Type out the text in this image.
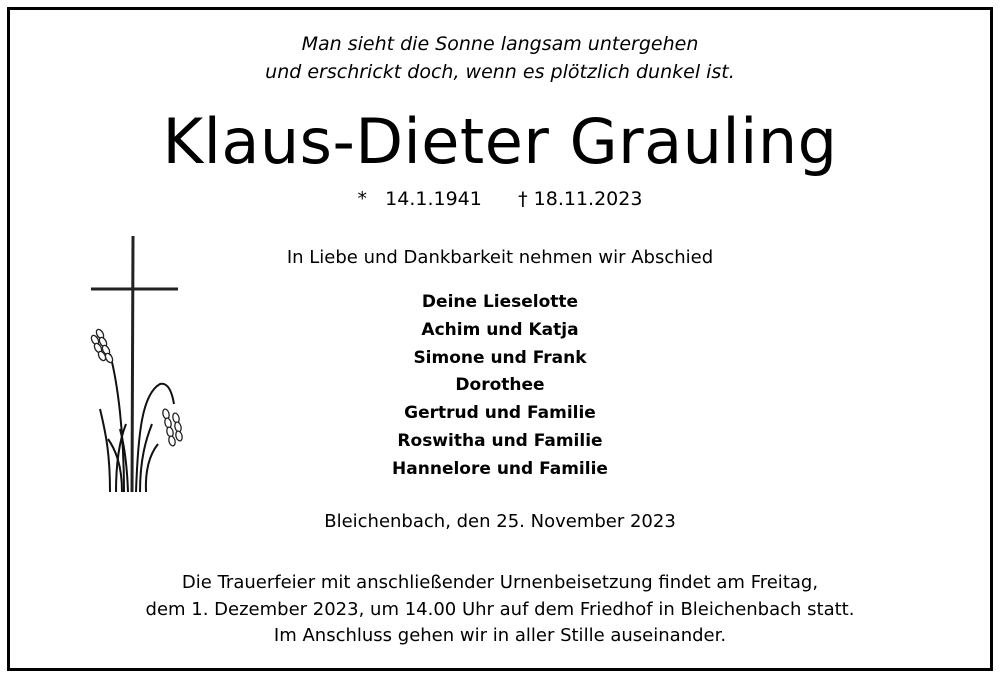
Man sieht die Sonne langsam untergehen
und erschrickt doch, wenn es plötzlich dunkel ist.
Klaus-Dieter Grauling
* 14.1.1941 † 18.11.2023
In Liebe und Dankbarkeit nehmen wir Abschied
Deine Lieselotte
Achim und Katja
Simone und Frank
Dorothee
Gertrud und Familie
Roswitha und Familie
Hannelore und Familie
Bleichenbach, den 25. November 2023
Die Trauerfeier mit anschließender Urnenbeisetzung findet am Freitag,
dem 1. Dezember 2023, um 14.00 Uhr auf dem Friedhof in Bleichenbach statt.
Im Anschluss gehen wir in aller Stille auseinander.
